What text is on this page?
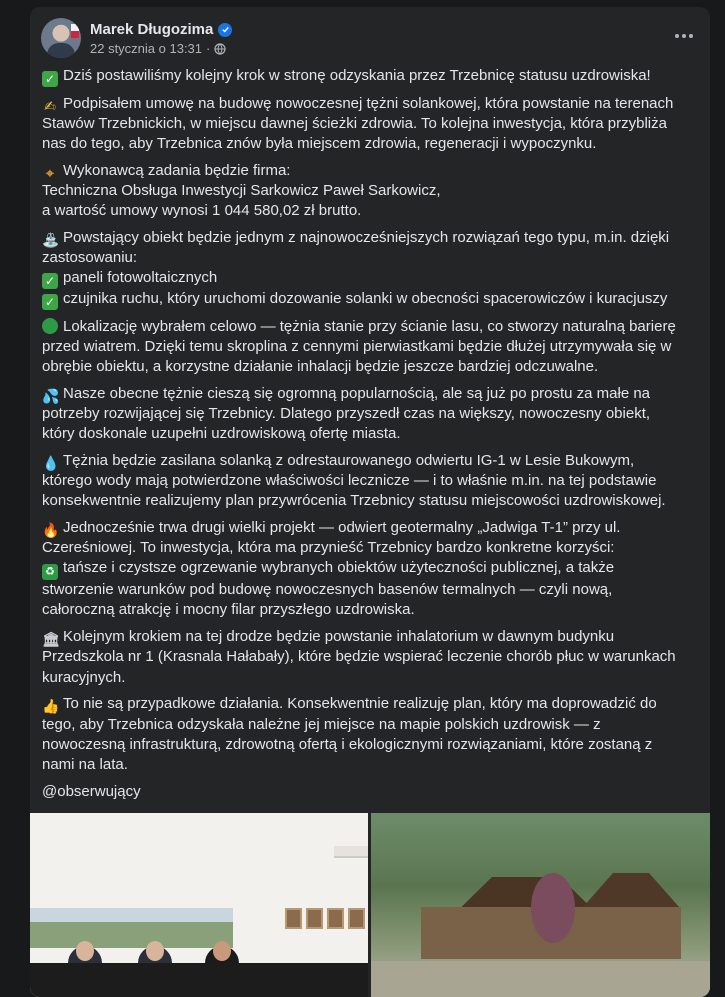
Marek Długozima
22 stycznia o 13:31 ·
✓ Dziś postawiliśmy kolejny krok w stronę odzyskania przez Trzebnicę statusu uzdrowiska!
✍ Podpisałem umowę na budowę nowoczesnej tężni solankowej, która powstanie na terenach
Stawów Trzebnickich, w miejscu dawnej ścieżki zdrowia. To kolejna inwestycja, która przybliża
nas do tego, aby Trzebnica znów była miejscem zdrowia, regeneracji i wypoczynku.
⌖ Wykonawcą zadania będzie firma:
Techniczna Obsługa Inwestycji Sarkowicz Paweł Sarkowicz,
a wartość umowy wynosi 1 044 580,02 zł brutto.
⛲ Powstający obiekt będzie jednym z najnowocześniejszych rozwiązań tego typu, m.in. dzięki
zastosowaniu:
✓ paneli fotowoltaicznych
✓ czujnika ruchu, który uruchomi dozowanie solanki w obecności spacerowiczów i kuracjuszy
Lokalizację wybrałem celowo — tężnia stanie przy ścianie lasu, co stworzy naturalną barierę
przed wiatrem. Dzięki temu skroplina z cennymi pierwiastkami będzie dłużej utrzymywała się w
obrębie obiektu, a korzystne działanie inhalacji będzie jeszcze bardziej odczuwalne.
💦 Nasze obecne tężnie cieszą się ogromną popularnością, ale są już po prostu za małe na
potrzeby rozwijającej się Trzebnicy. Dlatego przyszedł czas na większy, nowoczesny obiekt,
który doskonale uzupełni uzdrowiskową ofertę miasta.
💧 Tężnia będzie zasilana solanką z odrestaurowanego odwiertu IG-1 w Lesie Bukowym,
którego wody mają potwierdzone właściwości lecznicze — i to właśnie m.in. na tej podstawie
konsekwentnie realizujemy plan przywrócenia Trzebnicy statusu miejscowości uzdrowiskowej.
🔥 Jednocześnie trwa drugi wielki projekt — odwiert geotermalny „Jadwiga T-1” przy ul.
Czereśniowej. To inwestycja, która ma przynieść Trzebnicy bardzo konkretne korzyści:
♻ tańsze i czystsze ogrzewanie wybranych obiektów użyteczności publicznej, a także
stworzenie warunków pod budowę nowoczesnych basenów termalnych — czyli nową,
całoroczną atrakcję i mocny filar przyszłego uzdrowiska.
🏛 Kolejnym krokiem na tej drodze będzie powstanie inhalatorium w dawnym budynku
Przedszkola nr 1 (Krasnala Hałabały), które będzie wspierać leczenie chorób płuc w warunkach
kuracyjnych.
👍 To nie są przypadkowe działania. Konsekwentnie realizuję plan, który ma doprowadzić do
tego, aby Trzebnica odzyskała należne jej miejsce na mapie polskich uzdrowisk — z
nowoczesną infrastrukturą, zdrowotną ofertą i ekologicznymi rozwiązaniami, które zostaną z
nami na lata.
@obserwujący
